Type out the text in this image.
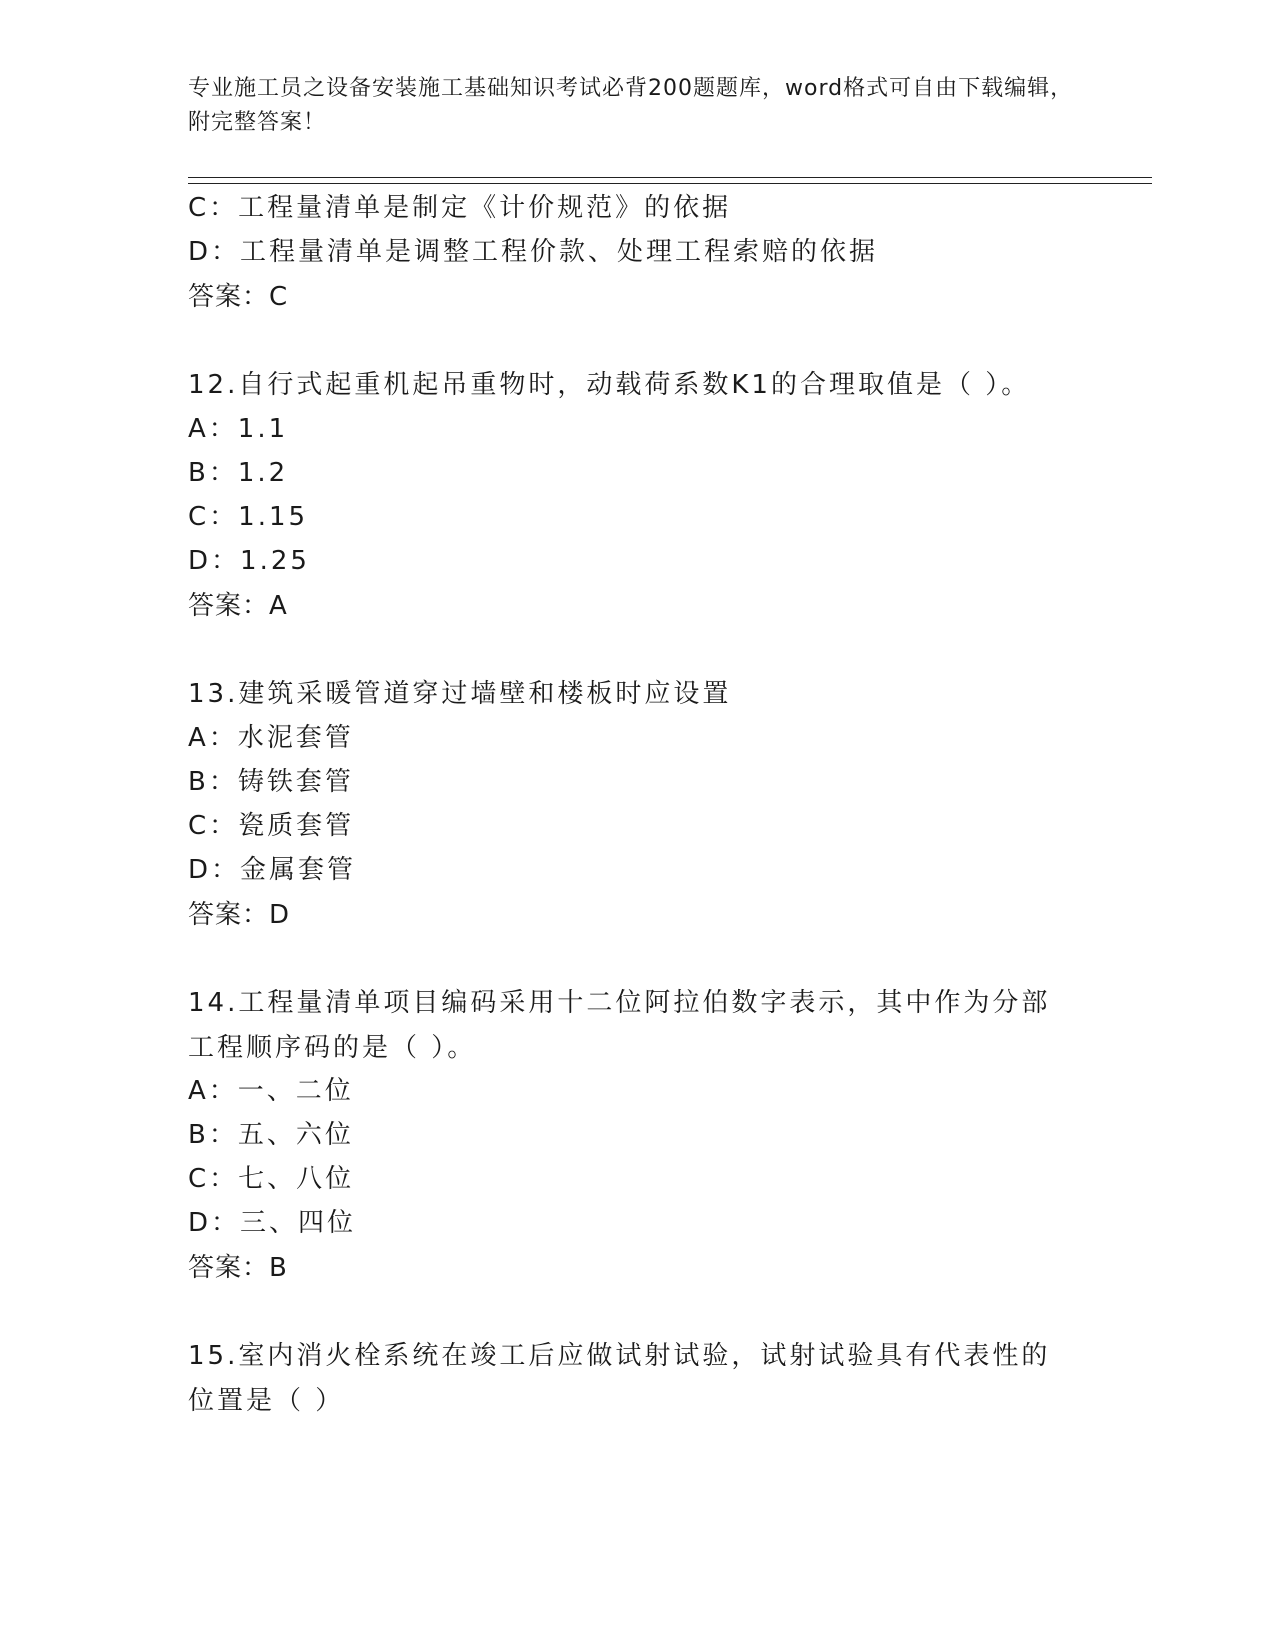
专业施工员之设备安装施工基础知识考试必背200题题库，word格式可自由下载编辑，附完整答案！
C：工程量清单是制定《计价规范》的依据
D：工程量清单是调整工程价款、处理工程索赔的依据
答案：C
12.自行式起重机起吊重物时，动载荷系数K1的合理取值是（ ）。
A：1.1
B：1.2
C：1.15
D：1.25
答案：A
13.建筑采暖管道穿过墙壁和楼板时应设置
A：水泥套管
B：铸铁套管
C：瓷质套管
D：金属套管
答案：D
14.工程量清单项目编码采用十二位阿拉伯数字表示，其中作为分部工程顺序码的是（ ）。
A：一、二位
B：五、六位
C：七、八位
D：三、四位
答案：B
15.室内消火栓系统在竣工后应做试射试验，试射试验具有代表性的位置是（ ）
